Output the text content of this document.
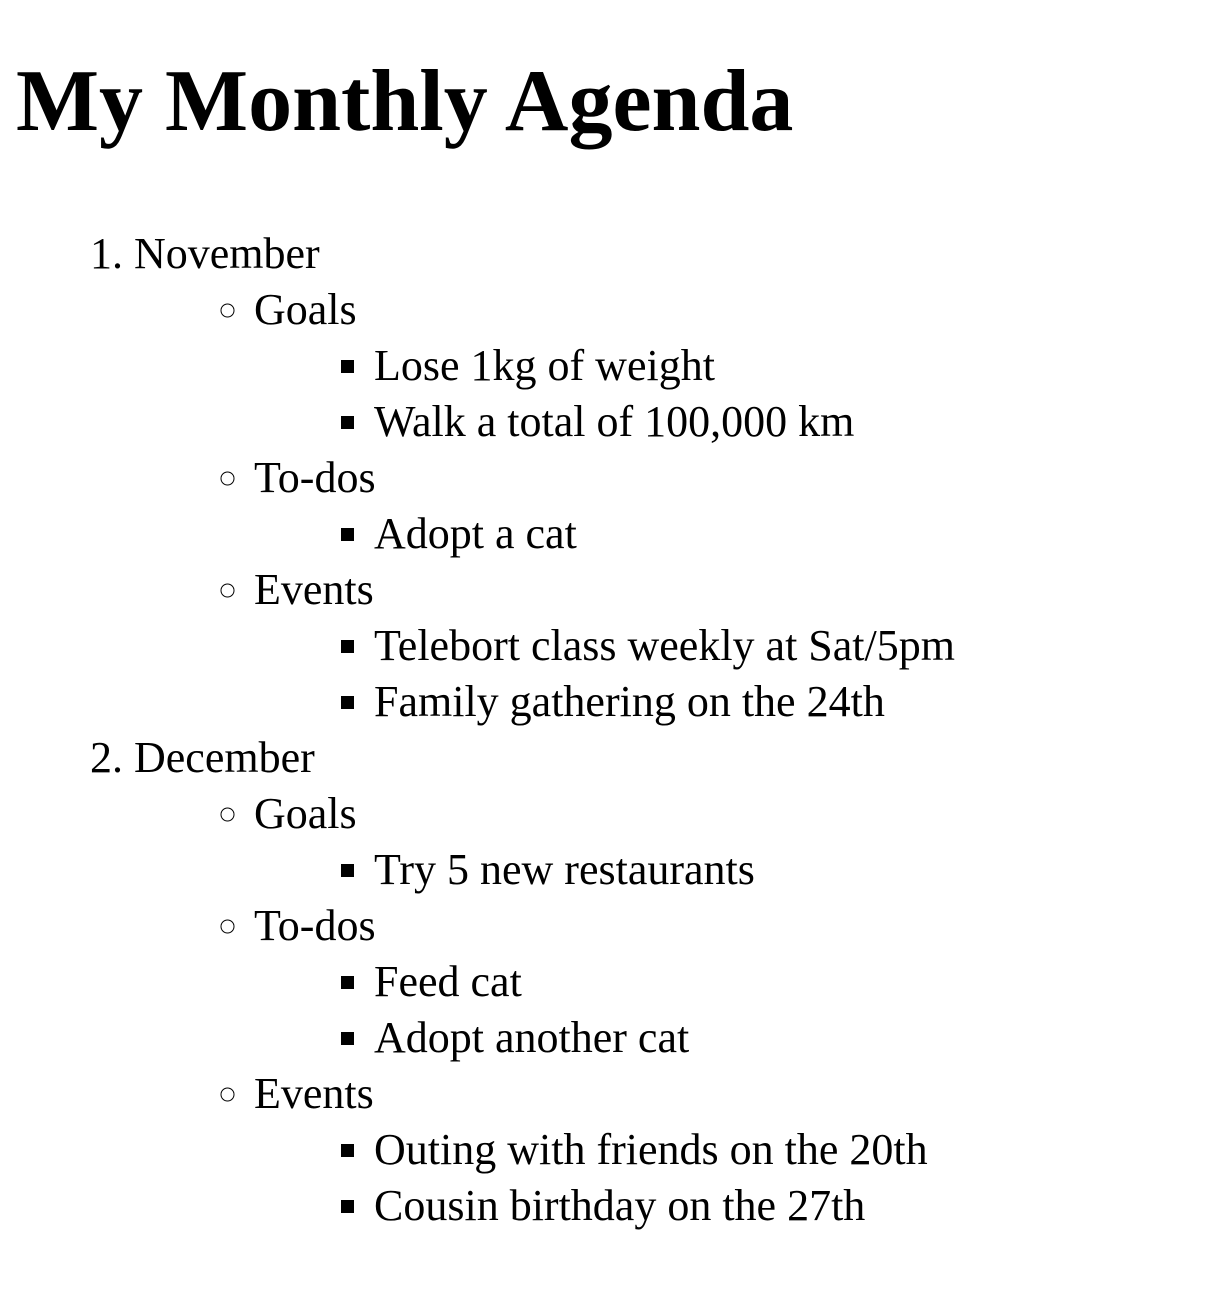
My Monthly Agenda
1. November
◦ Goals
▪ Lose 1kg of weight
▪ Walk a total of 100,000 km
◦ To-dos
▪ Adopt a cat
◦ Events
▪ Telebort class weekly at Sat/5pm
▪ Family gathering on the 24th
2. December
◦ Goals
▪ Try 5 new restaurants
◦ To-dos
▪ Feed cat
▪ Adopt another cat
◦ Events
▪ Outing with friends on the 20th
▪ Cousin birthday on the 27th
